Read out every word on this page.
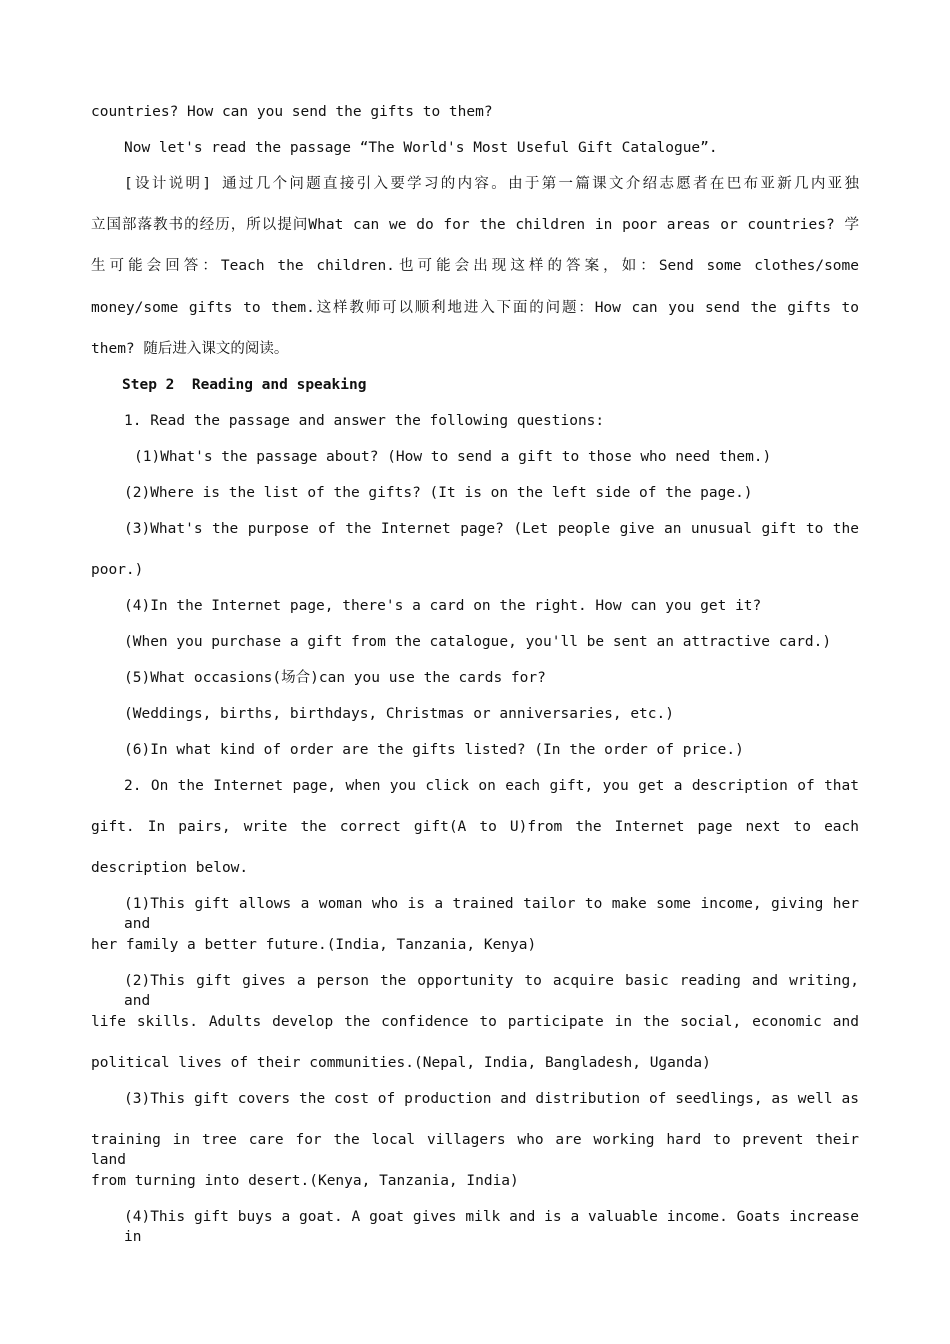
countries? How can you send the gifts to them?
Now let's read the passage “The World's Most Useful Gift Catalogue”.
[设计说明] 通过几个问题直接引入要学习的内容。由于第一篇课文介绍志愿者在巴布亚新几内亚独
立国部落教书的经历，所以提问What can we do for the children in poor areas or countries? 学
生可能会回答：Teach the children.也可能会出现这样的答案，如：Send some clothes/some
money/some gifts to them.这样教师可以顺利地进入下面的问题：How can you send the gifts to
them? 随后进入课文的阅读。
Step 2  Reading and speaking
1. Read the passage and answer the following questions:
(1)What's the passage about? (How to send a gift to those who need them.)
(2)Where is the list of the gifts? (It is on the left side of the page.)
(3)What's the purpose of the Internet page? (Let people give an unusual gift to the
poor.)
(4)In the Internet page, there's a card on the right. How can you get it?
(When you purchase a gift from the catalogue, you'll be sent an attractive card.)
(5)What occasions(场合)can you use the cards for?
(Weddings, births, birthdays, Christmas or anniversaries, etc.)
(6)In what kind of order are the gifts listed? (In the order of price.)
2. On the Internet page, when you click on each gift, you get a description of that
gift. In pairs, write the correct gift(A to U)from the Internet page next to each
description below.
(1)This gift allows a woman who is a trained tailor to make some income, giving her and
her family a better future.(India, Tanzania, Kenya)
(2)This gift gives a person the opportunity to acquire basic reading and writing, and
life skills. Adults develop the confidence to participate in the social, economic and
political lives of their communities.(Nepal, India, Bangladesh, Uganda)
(3)This gift covers the cost of production and distribution of seedlings, as well as
training in tree care for the local villagers who are working hard to prevent their land
from turning into desert.(Kenya, Tanzania, India)
(4)This gift buys a goat. A goat gives milk and is a valuable income. Goats increase in
